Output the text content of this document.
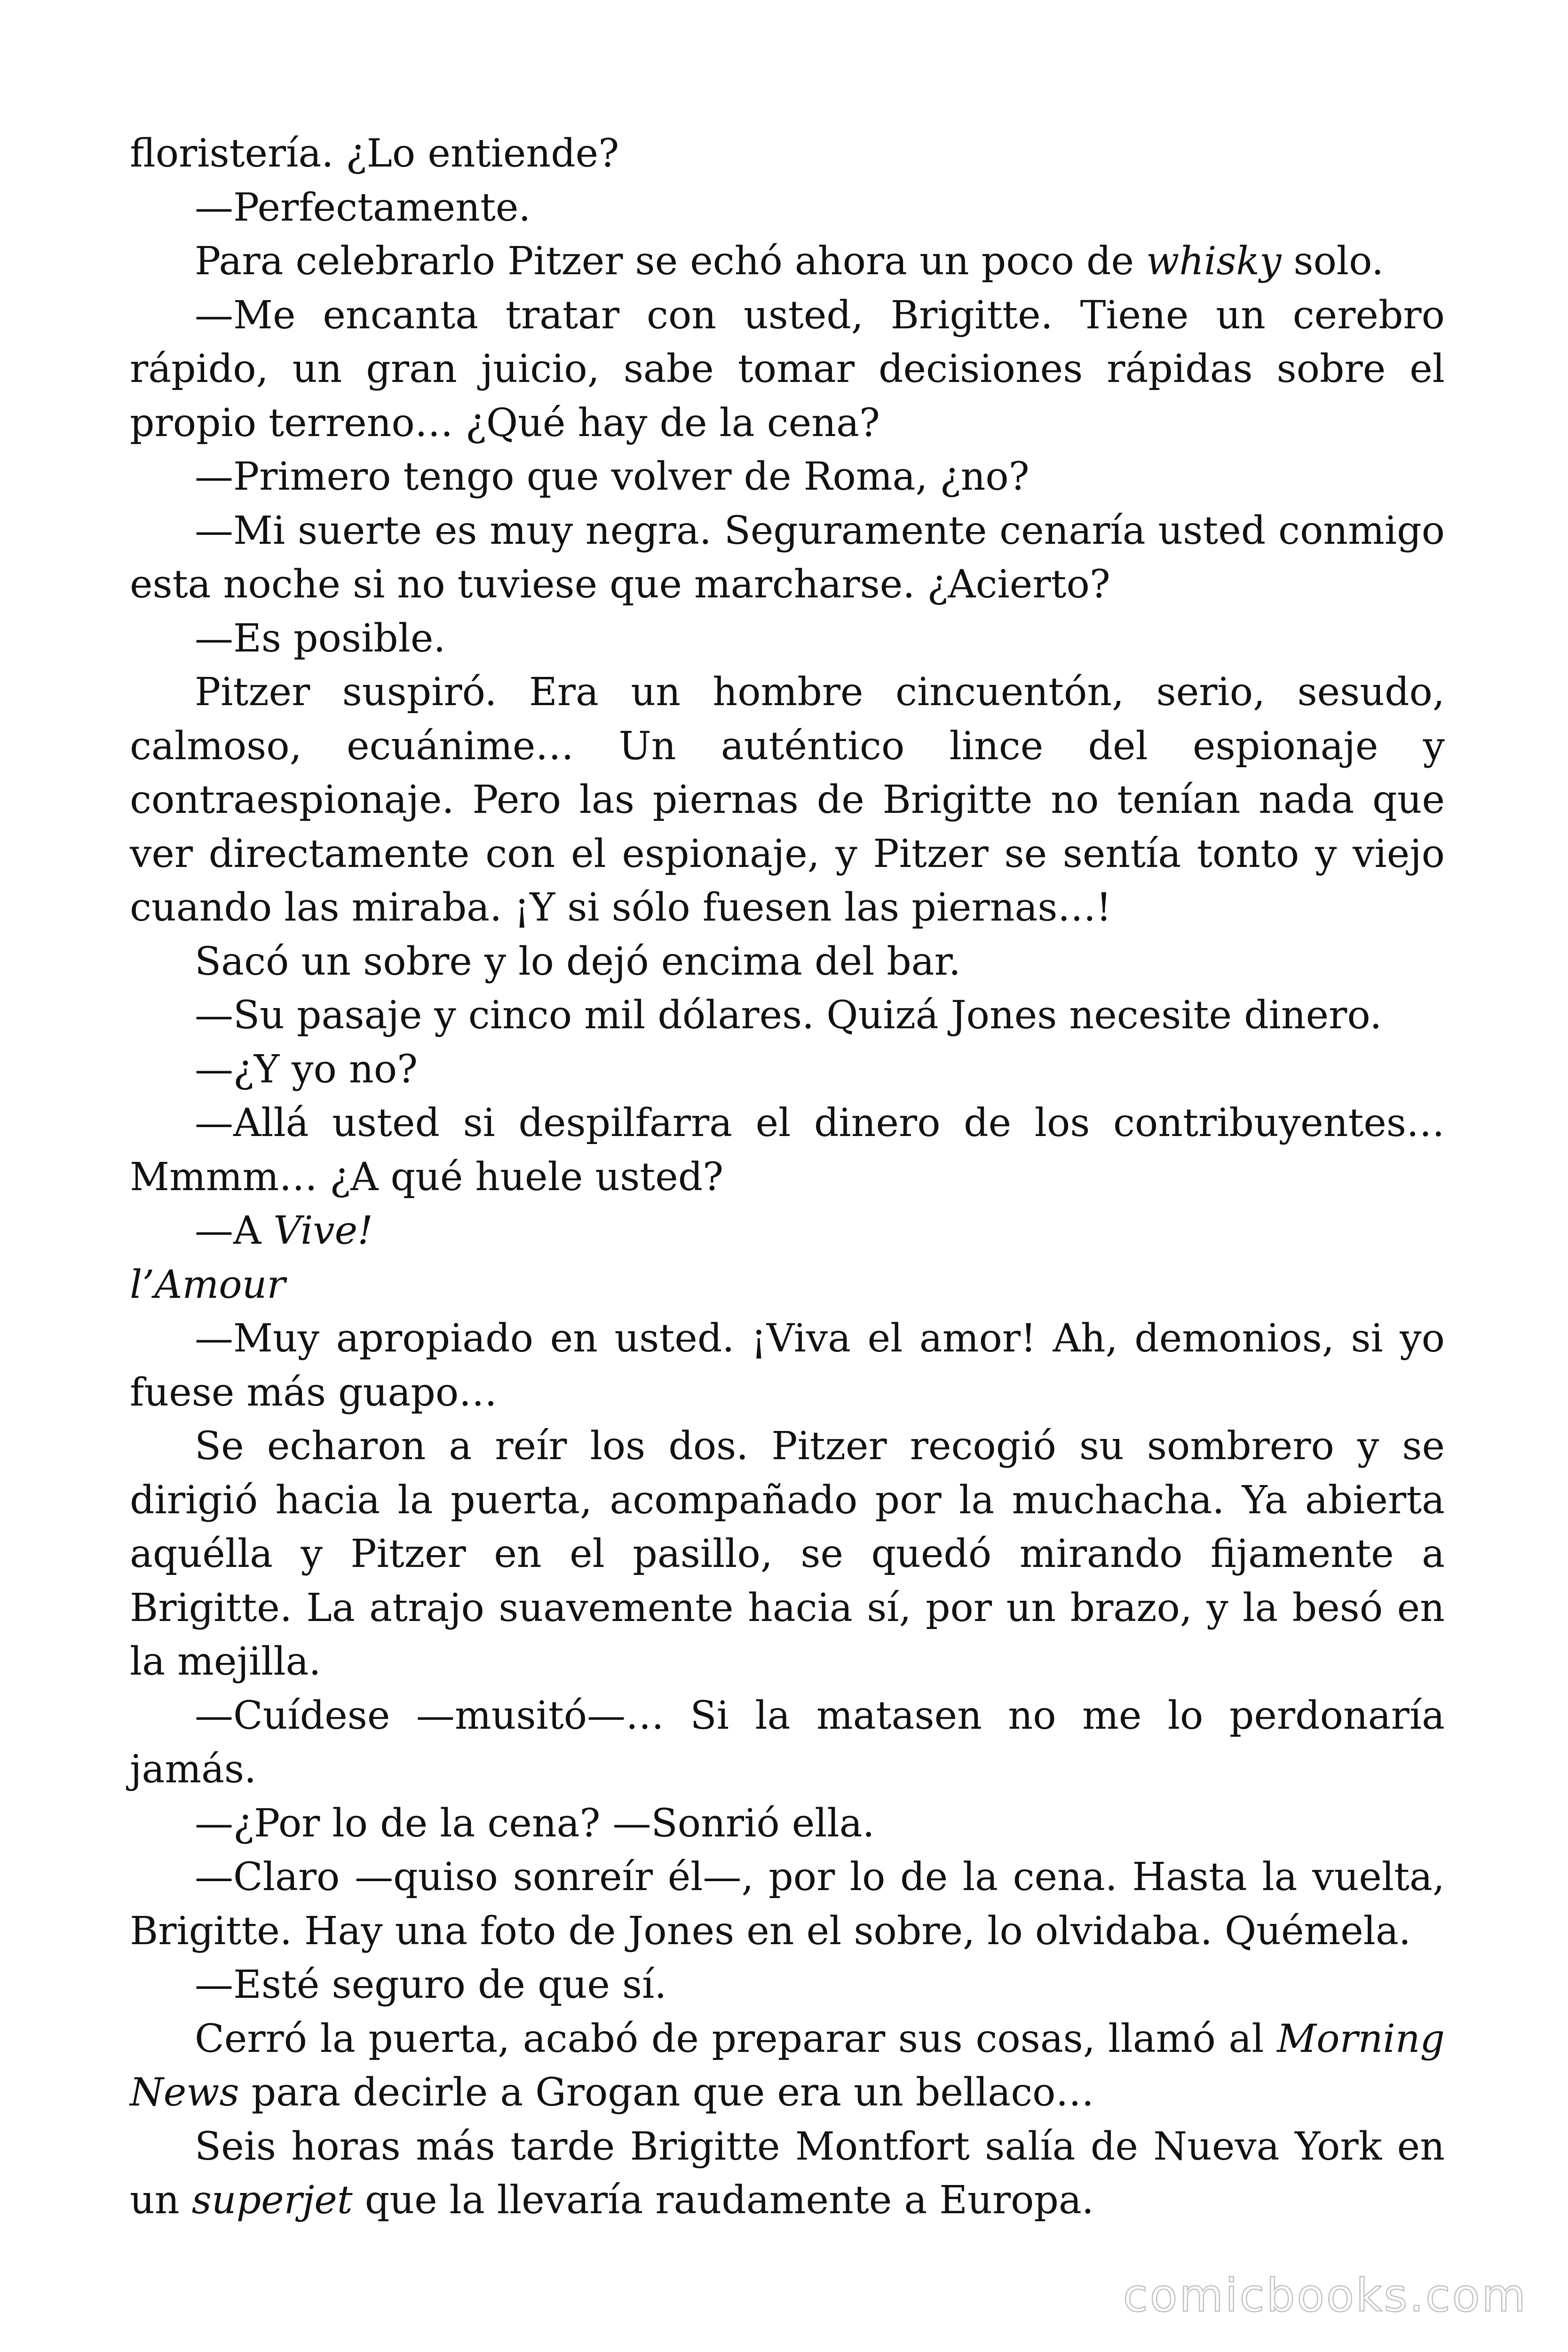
floristería. ¿Lo entiende?

—Perfectamente.

Para celebrarlo Pitzer se echó ahora un poco de whisky solo.

—Me encanta tratar con usted, Brigitte. Tiene un cerebro rápido, un gran juicio, sabe tomar decisiones rápidas sobre el propio terreno… ¿Qué hay de la cena?

—Primero tengo que volver de Roma, ¿no?

—Mi suerte es muy negra. Seguramente cenaría usted conmigo esta noche si no tuviese que marcharse. ¿Acierto?

—Es posible.

Pitzer suspiró. Era un hombre cincuentón, serio, sesudo, calmoso, ecuánime… Un auténtico lince del espionaje y contraespionaje. Pero las piernas de Brigitte no tenían nada que ver directamente con el espionaje, y Pitzer se sentía tonto y viejo cuando las miraba. ¡Y si sólo fuesen las piernas…!

Sacó un sobre y lo dejó encima del bar.

—Su pasaje y cinco mil dólares. Quizá Jones necesite dinero.

—¿Y yo no?

—Allá usted si despilfarra el dinero de los contribuyentes… Mmmm… ¿A qué huele usted?

—A Vive!

l’Amour

—Muy apropiado en usted. ¡Viva el amor! Ah, demonios, si yo fuese más guapo…

Se echaron a reír los dos. Pitzer recogió su sombrero y se dirigió hacia la puerta, acompañado por la muchacha. Ya abierta aquélla y Pitzer en el pasillo, se quedó mirando fijamente a Brigitte. La atrajo suavemente hacia sí, por un brazo, y la besó en la mejilla.

—Cuídese —musitó—… Si la matasen no me lo perdonaría jamás.

—¿Por lo de la cena? —Sonrió ella.

—Claro —quiso sonreír él—, por lo de la cena. Hasta la vuelta, Brigitte. Hay una foto de Jones en el sobre, lo olvidaba. Quémela.

—Esté seguro de que sí.

Cerró la puerta, acabó de preparar sus cosas, llamó al Morning News para decirle a Grogan que era un bellaco…

Seis horas más tarde Brigitte Montfort salía de Nueva York en un superjet que la llevaría raudamente a Europa.

comicbooks.com
